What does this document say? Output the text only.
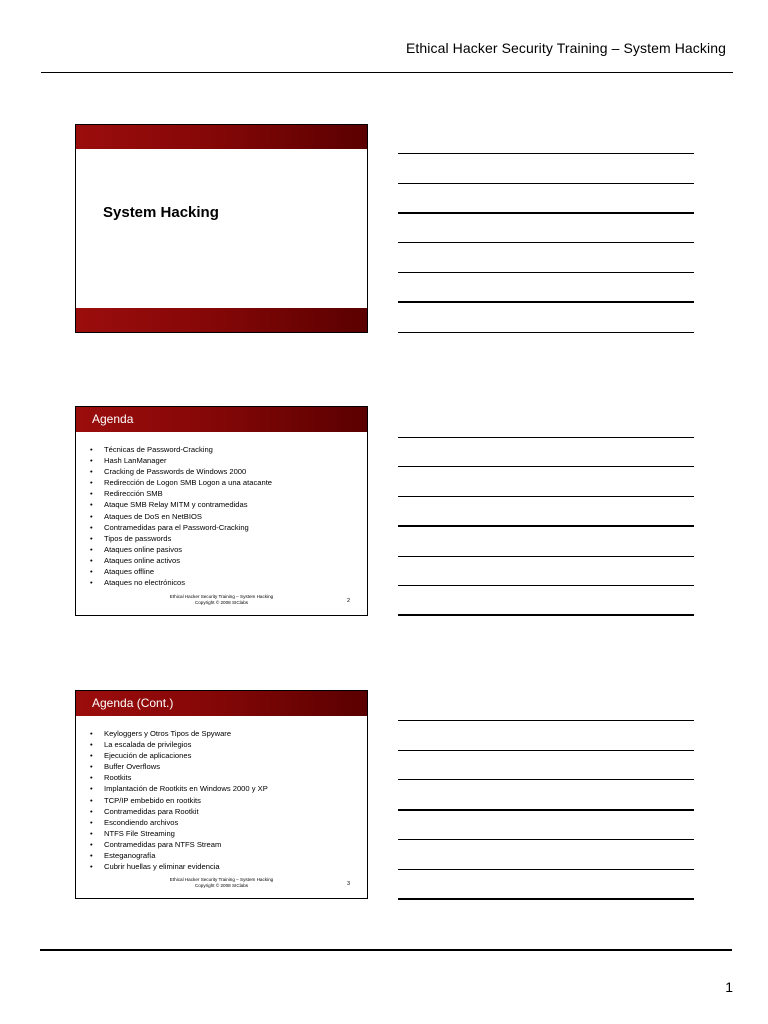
Ethical Hacker Security Training – System Hacking
System Hacking
Agenda
• Técnicas de Password-Cracking
• Hash LanManager
• Cracking de Passwords de Windows 2000
• Redirección de Logon SMB Logon a una atacante
• Redirección SMB
• Ataque SMB Relay MITM y contramedidas
• Ataques de DoS en NetBIOS
• Contramedidas para el Password-Cracking
• Tipos de passwords
• Ataques online pasivos
• Ataques online activos
• Ataques offline
• Ataques no electrónicos
Ethical Hacker Security Training – System Hacking
Copyright © 2008 SIClabs	2
Agenda (Cont.)
• Keyloggers y Otros Tipos de Spyware
• La escalada de privilegios
• Ejecución de aplicaciones
• Buffer Overflows
• Rootkits
• Implantación de Rootkits en Windows 2000 y XP
• TCP/IP embebido en rootkits
• Contramedidas para Rootkit
• Escondiendo archivos
• NTFS File Streaming
• Contramedidas para NTFS Stream
• Esteganografía
• Cubrir huellas y eliminar evidencia
Ethical Hacker Security Training – System Hacking
Copyright © 2008 SIClabs	3
1
